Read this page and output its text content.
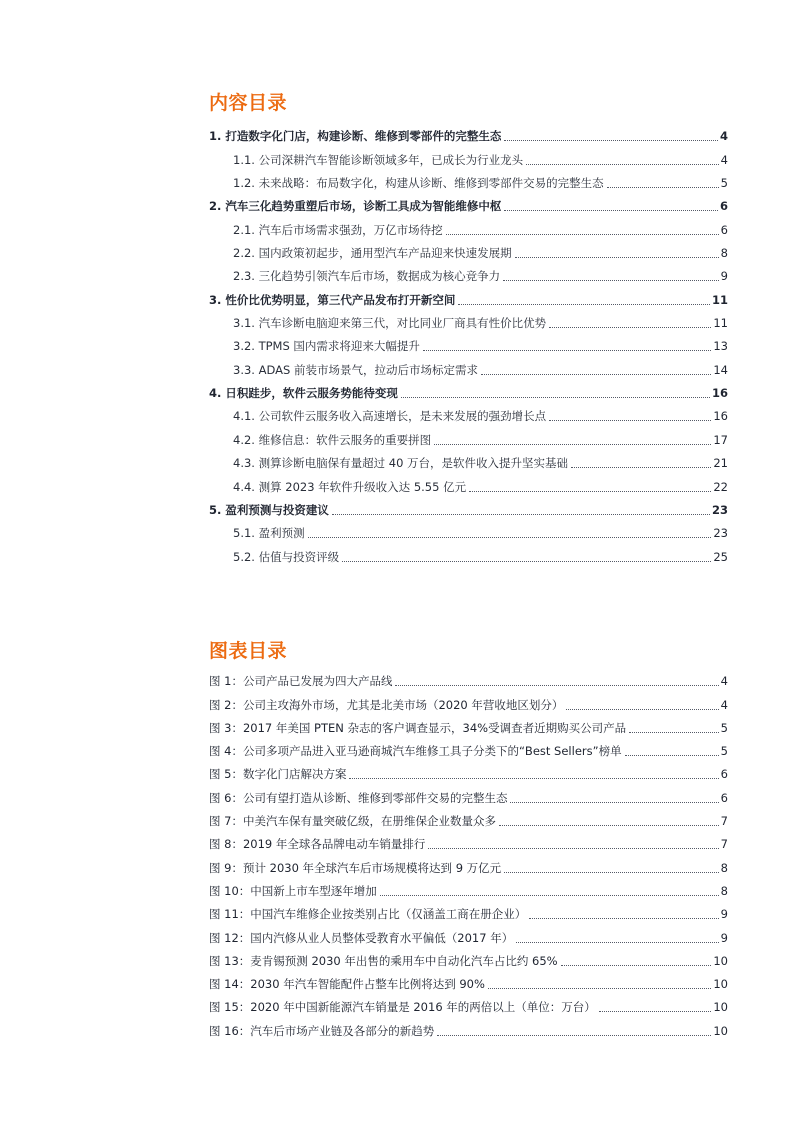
内容目录
1. 打造数字化门店，构建诊断、维修到零部件的完整生态	4
1.1. 公司深耕汽车智能诊断领域多年，已成长为行业龙头	4
1.2. 未来战略：布局数字化，构建从诊断、维修到零部件交易的完整生态	5
2. 汽车三化趋势重塑后市场，诊断工具成为智能维修中枢	6
2.1. 汽车后市场需求强劲，万亿市场待挖	6
2.2. 国内政策初起步，通用型汽车产品迎来快速发展期	8
2.3. 三化趋势引领汽车后市场，数据成为核心竞争力	9
3. 性价比优势明显，第三代产品发布打开新空间	11
3.1. 汽车诊断电脑迎来第三代，对比同业厂商具有性价比优势	11
3.2. TPMS 国内需求将迎来大幅提升	13
3.3. ADAS 前装市场景气，拉动后市场标定需求	14
4. 日积跬步，软件云服务势能待变现	16
4.1. 公司软件云服务收入高速增长，是未来发展的强劲增长点	16
4.2. 维修信息：软件云服务的重要拼图	17
4.3. 测算诊断电脑保有量超过 40 万台，是软件收入提升坚实基础	21
4.4. 测算 2023 年软件升级收入达 5.55 亿元	22
5. 盈利预测与投资建议	23
5.1. 盈利预测	23
5.2. 估值与投资评级	25
图表目录
图 1：公司产品已发展为四大产品线	4
图 2：公司主攻海外市场，尤其是北美市场（2020 年营收地区划分）	4
图 3：2017 年美国 PTEN 杂志的客户调查显示，34%受调查者近期购买公司产品	5
图 4：公司多项产品进入亚马逊商城汽车维修工具子分类下的“Best Sellers”榜单	5
图 5：数字化门店解决方案	6
图 6：公司有望打造从诊断、维修到零部件交易的完整生态	6
图 7：中美汽车保有量突破亿级，在册维保企业数量众多	7
图 8：2019 年全球各品牌电动车销量排行	7
图 9：预计 2030 年全球汽车后市场规模将达到 9 万亿元	8
图 10：中国新上市车型逐年增加	8
图 11：中国汽车维修企业按类别占比（仅涵盖工商在册企业）	9
图 12：国内汽修从业人员整体受教育水平偏低（2017 年）	9
图 13：麦肯锡预测 2030 年出售的乘用车中自动化汽车占比约 65%	10
图 14：2030 年汽车智能配件占整车比例将达到 90%	10
图 15：2020 年中国新能源汽车销量是 2016 年的两倍以上（单位：万台）	10
图 16：汽车后市场产业链及各部分的新趋势	10
